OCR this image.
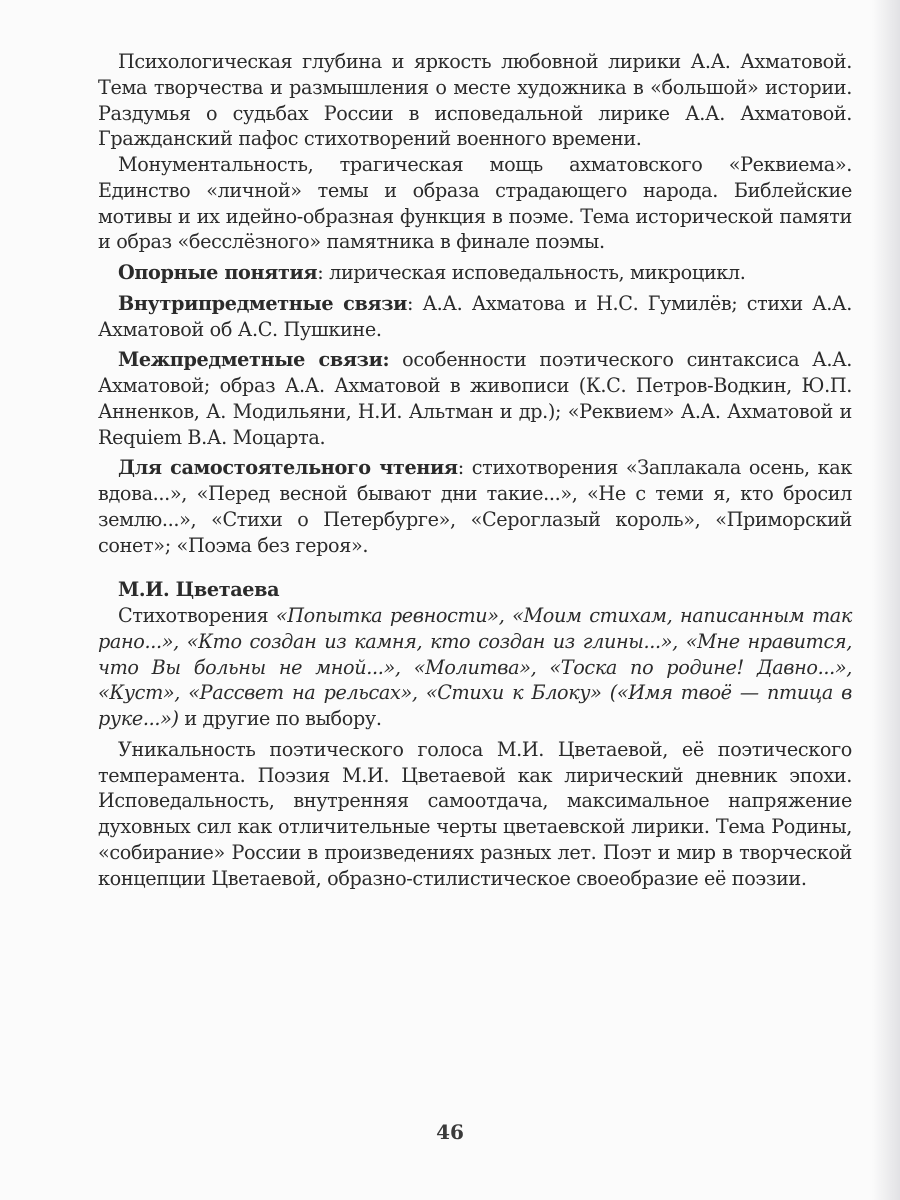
Психологическая глубина и яркость любовной лирики А.А. Ахматовой. Тема творчества и размышления о месте художника в «большой» истории. Раздумья о судьбах России в исповедальной лирике А.А. Ахматовой. Гражданский пафос стихотворений военного времени.

Монументальность, трагическая мощь ахматовского «Реквиема». Единство «личной» темы и образа страдающего народа. Библейские мотивы и их идейно-образная функция в поэме. Тема исторической памяти и образ «бесслёзного» памятника в финале поэмы.

Опорные понятия: лирическая исповедальность, микроцикл.

Внутрипредметные связи: А.А. Ахматова и Н.С. Гумилёв; стихи А.А. Ахматовой об А.С. Пушкине.

Межпредметные связи: особенности поэтического синтаксиса А.А. Ахматовой; образ А.А. Ахматовой в живописи (К.С. Петров-Водкин, Ю.П. Анненков, А. Модильяни, Н.И. Альтман и др.); «Реквием» А.А. Ахматовой и Requiem В.А. Моцарта.

Для самостоятельного чтения: стихотворения «Заплакала осень, как вдова...», «Перед весной бывают дни такие...», «Не с теми я, кто бросил землю...», «Стихи о Петербурге», «Сероглазый король», «Приморский сонет»; «Поэма без героя».

М.И. Цветаева

Стихотворения «Попытка ревности», «Моим стихам, написанным так рано...», «Кто создан из камня, кто создан из глины...», «Мне нравится, что Вы больны не мной...», «Молитва», «Тоска по родине! Давно...», «Куст», «Рассвет на рельсах», «Стихи к Блоку» («Имя твоё — птица в руке...») и другие по выбору.

Уникальность поэтического голоса М.И. Цветаевой, её поэтического темперамента. Поэзия М.И. Цветаевой как лирический дневник эпохи. Исповедальность, внутренняя самоотдача, максимальное напряжение духовных сил как отличительные черты цветаевской лирики. Тема Родины, «собирание» России в произведениях разных лет. Поэт и мир в творческой концепции Цветаевой, образно-стилистическое своеобразие её поэзии.

46
